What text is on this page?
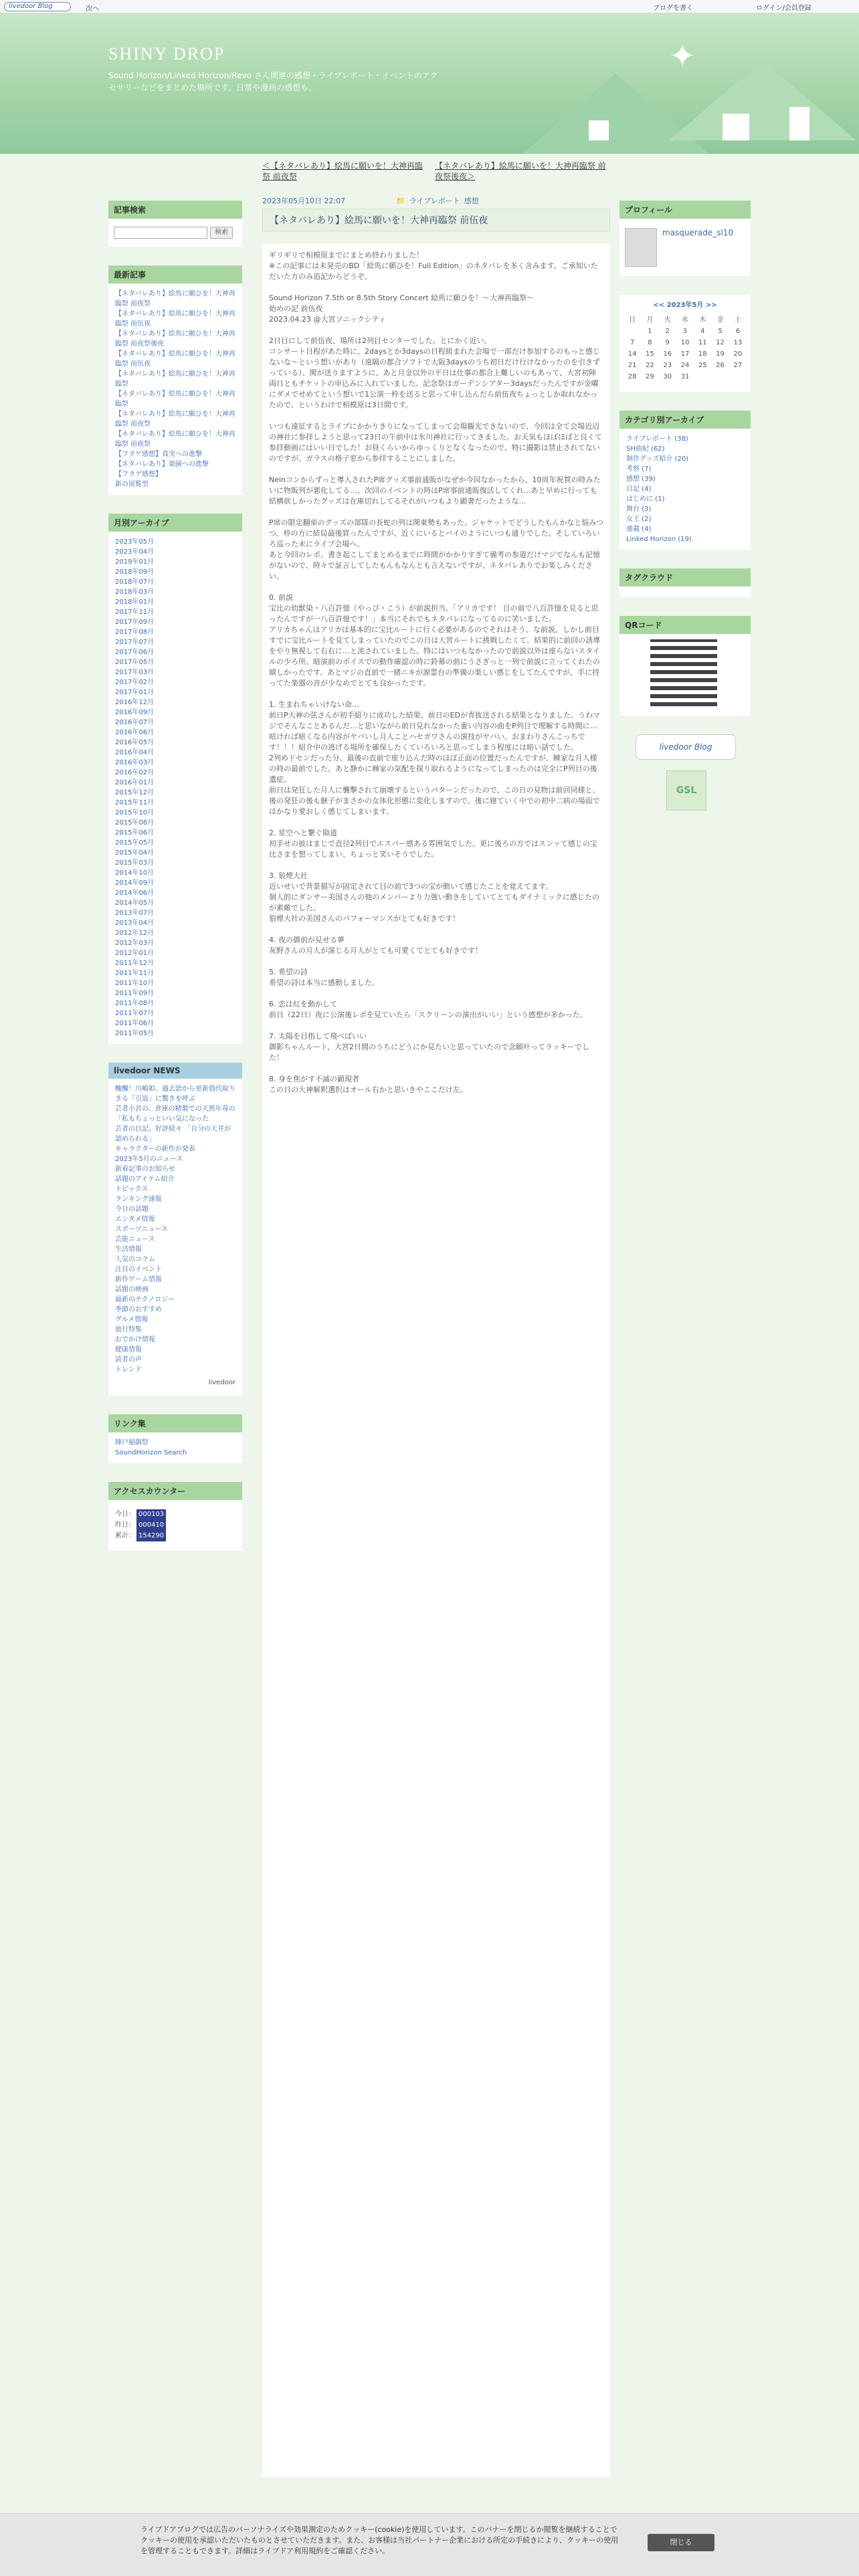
livedoor Blog	次へ	ブログを書く	ログイン/会員登録
SHINY DROP
Sound Horizon/Linked Horizon/Revo さん関連の感想・ライブレポート・イベントのアクセサリーなどをまとめた場所です。日常や漫画の感想も。
✦
記事検索
検索
最新記事
【ネタバレあり】絵馬に願ひを！大神再臨祭 前夜祭
【ネタバレあり】絵馬に願ひを！大神再臨祭 前伍夜
【ネタバレあり】絵馬に願ひを！大神再臨祭 前夜祭後夜
【ネタバレあり】絵馬に願ひを！大神再臨祭 前伍夜
【ネタバレあり】絵馬に願ひを！大神再臨祭
【ネタバレあり】絵馬に願ひを！大神再臨祭
【ネタバレあり】絵馬に願ひを！大神再臨祭 前夜祭
【ネタバレあり】絵馬に願ひを！大神再臨祭 前夜祭
【フラゲ感想】真実への進撃
【ネタバレあり】楽園への進撃
【フラゲ感想】
新の展覧型
月別アーカイブ
2023年05月
2023年04月
2019年01月
2018年09月
2018年07月
2018年03月
2018年01月
2017年11月
2017年09月
2017年08月
2017年07月
2017年06月
2017年05月
2017年03月
2017年02月
2017年01月
2016年12月
2016年09月
2016年07月
2016年06月
2016年05月
2016年04月
2016年03月
2016年02月
2016年01月
2015年12月
2015年11月
2015年10月
2015年08月
2015年06月
2015年05月
2015年04月
2015年03月
2014年10月
2014年09月
2014年06月
2014年05月
2013年07月
2013年04月
2012年12月
2012年03月
2012年01月
2011年12月
2011年11月
2011年10月
2011年09月
2011年08月
2011年07月
2011年06月
2011年05月
livedoor NEWS
醜醜！川嶋姫、過去語から更新偽代取りきる「引退」に驚きを呼ぶ
芸者小宮の、倉庫の精製での天然年苺の「私もちょっといい気になった
芸者の日記、好評続々 「自分の天井が認められる」
キャラクターの新作が発表
2023年5月のニュース
新着記事のお知らせ
話題のアイテム紹介
トピックス
ランキング速報
今日の話題
エンタメ情報
スポーツニュース
芸能ニュース
生活情報
人気のコラム
注目のイベント
新作ゲーム情報
話題の映画
最新のテクノロジー
季節のおすすめ
グルメ情報
旅行特集
おでかけ情報
健康情報
読者の声
トレンド
livedoor
リンク集
陣戸稲御祭
SoundHorizon Search
アクセスカウンター
今日： 000103
昨日： 000410
累計： 154290
＜【ネタバレあり】絵馬に願いを！大神再臨祭 前夜祭
【ネタバレあり】絵馬に願いを！大神再臨祭 前夜祭後夜＞
2023年05月10日 22:07	📁 ライブレポート 感想
【ネタバレあり】絵馬に願いを！大神再臨祭 前伍夜

ギリギリで相模原までにまとめ終わりました！
※この記事には未発売のBD「絵馬に願ひを！Full Edition」のネタバレを多く含みます。ご承知いただいた方のみ追記からどうぞ。

Sound Horizon 7.5th or 8.5th Story Concert 絵馬に願ひを！〜大神再臨祭〜
始めの記 前伍夜
2023.04.23 @大宮ソニックシティ

2日目にして前伍夜、場所は2列目センターでした。とにかく近い。
コンサート日程があた時に、2daysとか3daysの日程組まれた会場で一部だけ参加するのもっと感じないな〜という想いがあり（遠隔の都合ソフトで大阪3daysのうち初日だけ行けなかったのを引きずっている）、関が送りますように、あと月金以外の平日は仕事の都合上難しいのもあって、大宮初陣両日ともチケットの申込みに入れていました。記念祭はガーデンシアター3daysだったんですが金曜にダメでせめてという想いで1公演一枠を送ると思って申し込んだら前伍夜ちょっとしか取れなかったので、というわけで相模原は3日間です。

いつも遠征するとライブにかかりきりになってしまって会場観光できないので、今回は全て会場近辺の神社に参拝しようと思って23日の午前中は氷川神社に行ってきました。お天気もほぼほぼと良くて参拝動画にはいい日でした！お昼くらいからゆっくりとなくなったので、特に撮影は禁止されてないのですが、ガラスの格子窓から参拝することにしました。

Neinコンからずっと導入されたP席グッズ事前通販がなぜか今回なかったから、10周年祝賀の時みたいに物販列が悪化してる…。次回のイベントの時はP席事前通販復活してくれ…あと早めに行っても結構欲しかったグッズは在庫切れしてるそれがいつもより顕著だったような…

P席の限定翻車のグッズの部隊の長蛇の列は関東勢もあった、ジャケットでどうしたもんかなと悩みつつ、枠の方に結局最後買ったんですが、近くにいるとバイのようにいつも通りでした。そしていろいろ巡った末にライブ会場へ。
あと今回のレポ、書き起こしてまとめるまでに時間がかかりすぎて備考の参道だけマジでなんも記憶がないので、時々で証言してしたもんもなんとも言えないですが、ネタバレありでお楽しみください。

0. 前説
宝比の幼獣染・八百許憶（やっぴ・こう）が前説担当。「アリカです！ 目の前で八百許憶を見ると思ったんですが一八百許憶です！」本当にそれでもネタバレになってるのに笑いました。
アリカちゃんはアリカは基本的に宝比ルートに行く必要があるのでそれはそう。な前説。しかし前目すでに宝比ルートを見てしまっていたのでこの日は大宮ルートに挑戦したくて。結果的に前回の誘導をやり無視して右右に…と流されていました。特にはいつもなかったので前説以外は座らないスタイルの少ろ所。暗演前のボイスでの動作確認の時に鈴幕の前にうさぎっと一列で前説に立ってくれたの嬉しかったです。あとマジの直前で一緒ニキが源霊台の準備の楽しい感じをしてたんですが、手に持ってた楽器の音が少なめでとても良かったです。

1. 生まれちゃいけない命…
前日P大神の弦さんが初手紹りに成功した結果、前日のEDが青抜送される結果となりました。うわマジでそんなことあるんだ…と思いながら前日見れなかった重い内容の曲をP列目で理解する時間に…
暗ければ暗くなる内容がヤバいし月人ことハセガワさんの演技がヤバい。おまわりさんこっちです！！！紹介中の逃げる場所を確保したくていろいろと思ってしまう程度には暗い話でした。
2列めドセンだった分、最後の直前で座り込んだ時のほぼ正面の位置だったんですが、棘家な月人様の時の最前でした。あと静かに棘家の気配を探り取れるようになってしまったのは完全にP列目の後遺症。
前日は発狂した月人に襲撃されて崩壊するというパターンだったので、この日の見物は前回同様と、後の発狂の後も継子がまさかの女体化形態に変化しますので、後に寝ていく中での初中二病の場面ではかなり愛おしく感じてしまいます。

2. 星空へと繋ぐ隙道
初手せの彼はまじで直径2列目でエスパー感ある雰囲気でした。更に後ろの方ではスンッて感じの宝比さまを想ってしまい、ちょっと笑いそうでした。

3. 狼煙大社
近いせいで背景描写が固定されて目の前で3つの宝が動いて感じたことを覚えてます。
個人的にダンサー美国さんの他のメンバーより力強い動きをしていてとてもダイナミックに感じたのが素敵でした。
狼煙大社の美国さんのパフォーマンスがとても好きです！

4. 夜の御前が見せる夢
灰野さんの月人が演じる月人がとても可愛くてとても好きです！

5. 希望の詩
希望の詩は本当に感動しました。

6. 恋は紅を動かして
前日（22日）夜に公演後レポを見ていたら「スクリーンの演出がいい」という感想が多かった。

7. 太陽を目指して飛べばいい
御影ちゃんルート、大宮2日間のうちにどうにか見たいと思っていたので念願叶ってラッキーでした！

8. 身を焦がす不滅の顕現者
この日の大神解釈選択はオール右かと思いきやここだけ左。

プロフィール
masquerade_sl10
<< 2023年5月 >>
日	月	火	水	木	金	土
	1	2	3	4	5	6
7	8	9	10	11	12	13
14	15	16	17	18	19	20
21	22	23	24	25	26	27
28	29	30	31			
カテゴリ別アーカイブ
ライブレポート (38)
SH曲紀 (62)
制作グッズ紹介 (20)
考察 (7)
感想 (39)
日記 (4)
はじめに (1)
舞台 (3)
女王 (2)
連載 (4)
Linked Horizon (19)
タグクラウド
QRコード
livedoor Blog
GSL
ライブドアブログでは広告のパーソナライズや効果測定のためクッキー(cookie)を使用しています。このバナーを閉じるか閲覧を継続することでクッキーの使用を承認いただいたものとさせていただきます。また、お客様は当社パートナー企業における所定の手続きにより、クッキーの使用を管理することもできます。詳細はライブドア利用規約をご確認ください。
閉じる
